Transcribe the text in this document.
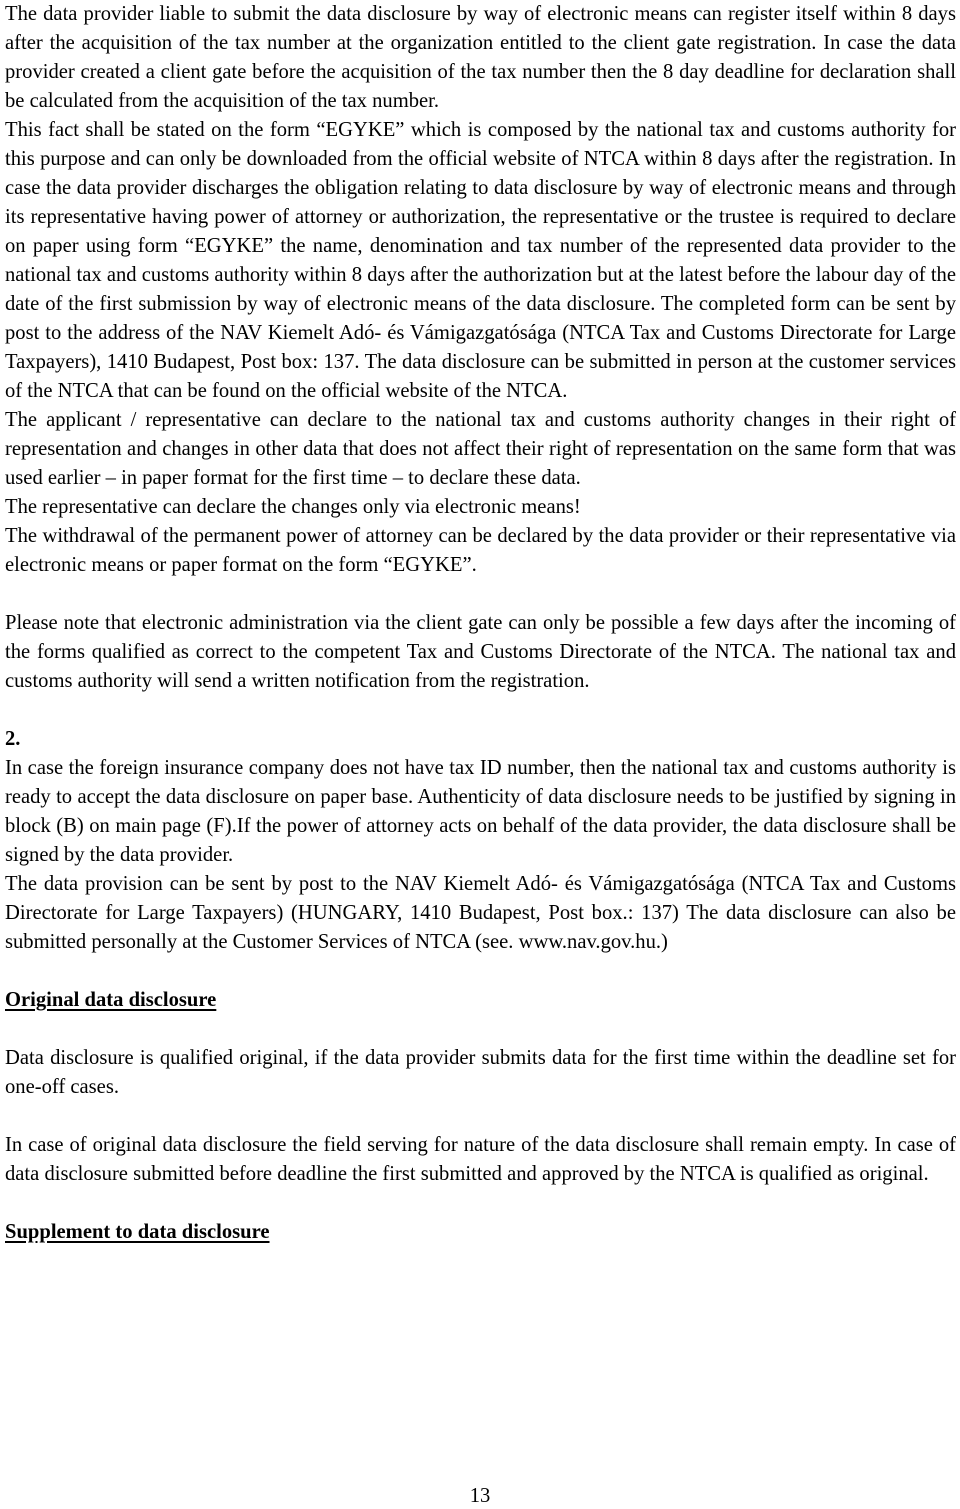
The data provider liable to submit the data disclosure by way of electronic means can register itself within 8 days after the acquisition of the tax number at the organization entitled to the client gate registration. In case the data provider created a client gate before the acquisition of the tax number then the 8 day deadline for declaration shall be calculated from the acquisition of the tax number.

This fact shall be stated on the form “EGYKE” which is composed by the national tax and customs authority for this purpose and can only be downloaded from the official website of NTCA within 8 days after the registration. In case the data provider discharges the obligation relating to data disclosure by way of electronic means and through its representative having power of attorney or authorization, the representative or the trustee is required to declare on paper using form “EGYKE” the name, denomination and tax number of the represented data provider to the national tax and customs authority within 8 days after the authorization but at the latest before the labour day of the date of the first submission by way of electronic means of the data disclosure. The completed form can be sent by post to the address of the NAV Kiemelt Adó- és Vámigazgatósága (NTCA Tax and Customs Directorate for Large Taxpayers), 1410 Budapest, Post box: 137. The data disclosure can be submitted in person at the customer services of the NTCA that can be found on the official website of the NTCA.

The applicant / representative can declare to the national tax and customs authority changes in their right of representation and changes in other data that does not affect their right of representation on the same form that was used earlier – in paper format for the first time – to declare these data.

The representative can declare the changes only via electronic means!

The withdrawal of the permanent power of attorney can be declared by the data provider or their representative via electronic means or paper format on the form “EGYKE”.

Please note that electronic administration via the client gate can only be possible a few days after the incoming of the forms qualified as correct to the competent Tax and Customs Directorate of the NTCA. The national tax and customs authority will send a written notification from the registration.

2.

In case the foreign insurance company does not have tax ID number, then the national tax and customs authority is ready to accept the data disclosure on paper base. Authenticity of data disclosure needs to be justified by signing in block (B) on main page (F).If the power of attorney acts on behalf of the data provider, the data disclosure shall be signed by the data provider.

The data provision can be sent by post to the NAV Kiemelt Adó- és Vámigazgatósága (NTCA Tax and Customs Directorate for Large Taxpayers) (HUNGARY, 1410 Budapest, Post box.: 137) The data disclosure can also be submitted personally at the Customer Services of NTCA (see. www.nav.gov.hu.)

Original data disclosure

Data disclosure is qualified original, if the data provider submits data for the first time within the deadline set for one-off cases.

In case of original data disclosure the field serving for nature of the data disclosure shall remain empty. In case of data disclosure submitted before deadline the first submitted and approved by the NTCA is qualified as original.

Supplement to data disclosure

13
